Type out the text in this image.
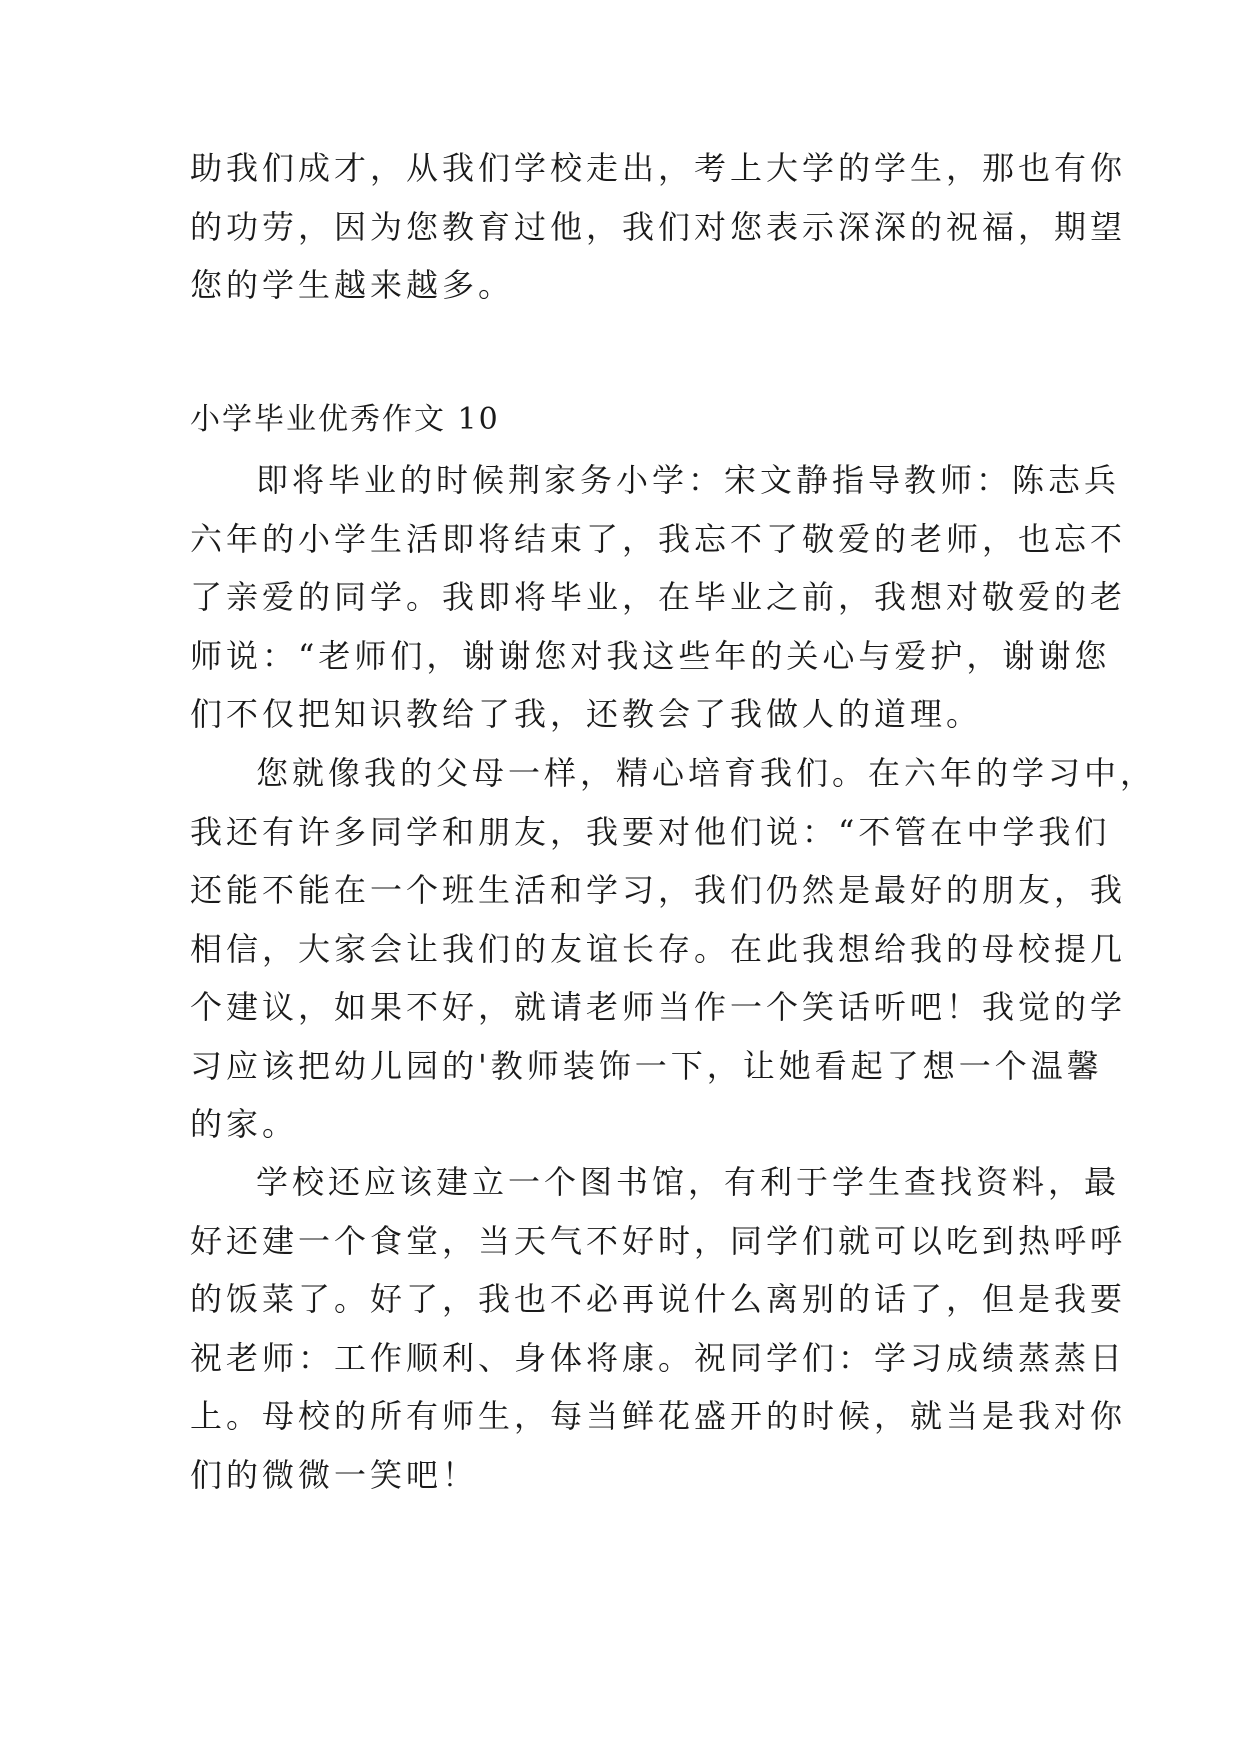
助我们成才，从我们学校走出，考上大学的学生，那也有你
的功劳，因为您教育过他，我们对您表示深深的祝福，期望
您的学生越来越多。
小学毕业优秀作文 10
即将毕业的时候荆家务小学：宋文静指导教师：陈志兵
六年的小学生活即将结束了，我忘不了敬爱的老师，也忘不
了亲爱的同学。我即将毕业，在毕业之前，我想对敬爱的老
师说：“老师们，谢谢您对我这些年的关心与爱护，谢谢您
们不仅把知识教给了我，还教会了我做人的道理。
您就像我的父母一样，精心培育我们。在六年的学习中，
我还有许多同学和朋友，我要对他们说：“不管在中学我们
还能不能在一个班生活和学习，我们仍然是最好的朋友，我
相信，大家会让我们的友谊长存。在此我想给我的母校提几
个建议，如果不好，就请老师当作一个笑话听吧！我觉的学
习应该把幼儿园的'教师装饰一下，让她看起了想一个温馨
的家。
学校还应该建立一个图书馆，有利于学生查找资料，最
好还建一个食堂，当天气不好时，同学们就可以吃到热呼呼
的饭菜了。好了，我也不必再说什么离别的话了，但是我要
祝老师：工作顺利、身体将康。祝同学们：学习成绩蒸蒸日
上。母校的所有师生，每当鲜花盛开的时候，就当是我对你
们的微微一笑吧！
